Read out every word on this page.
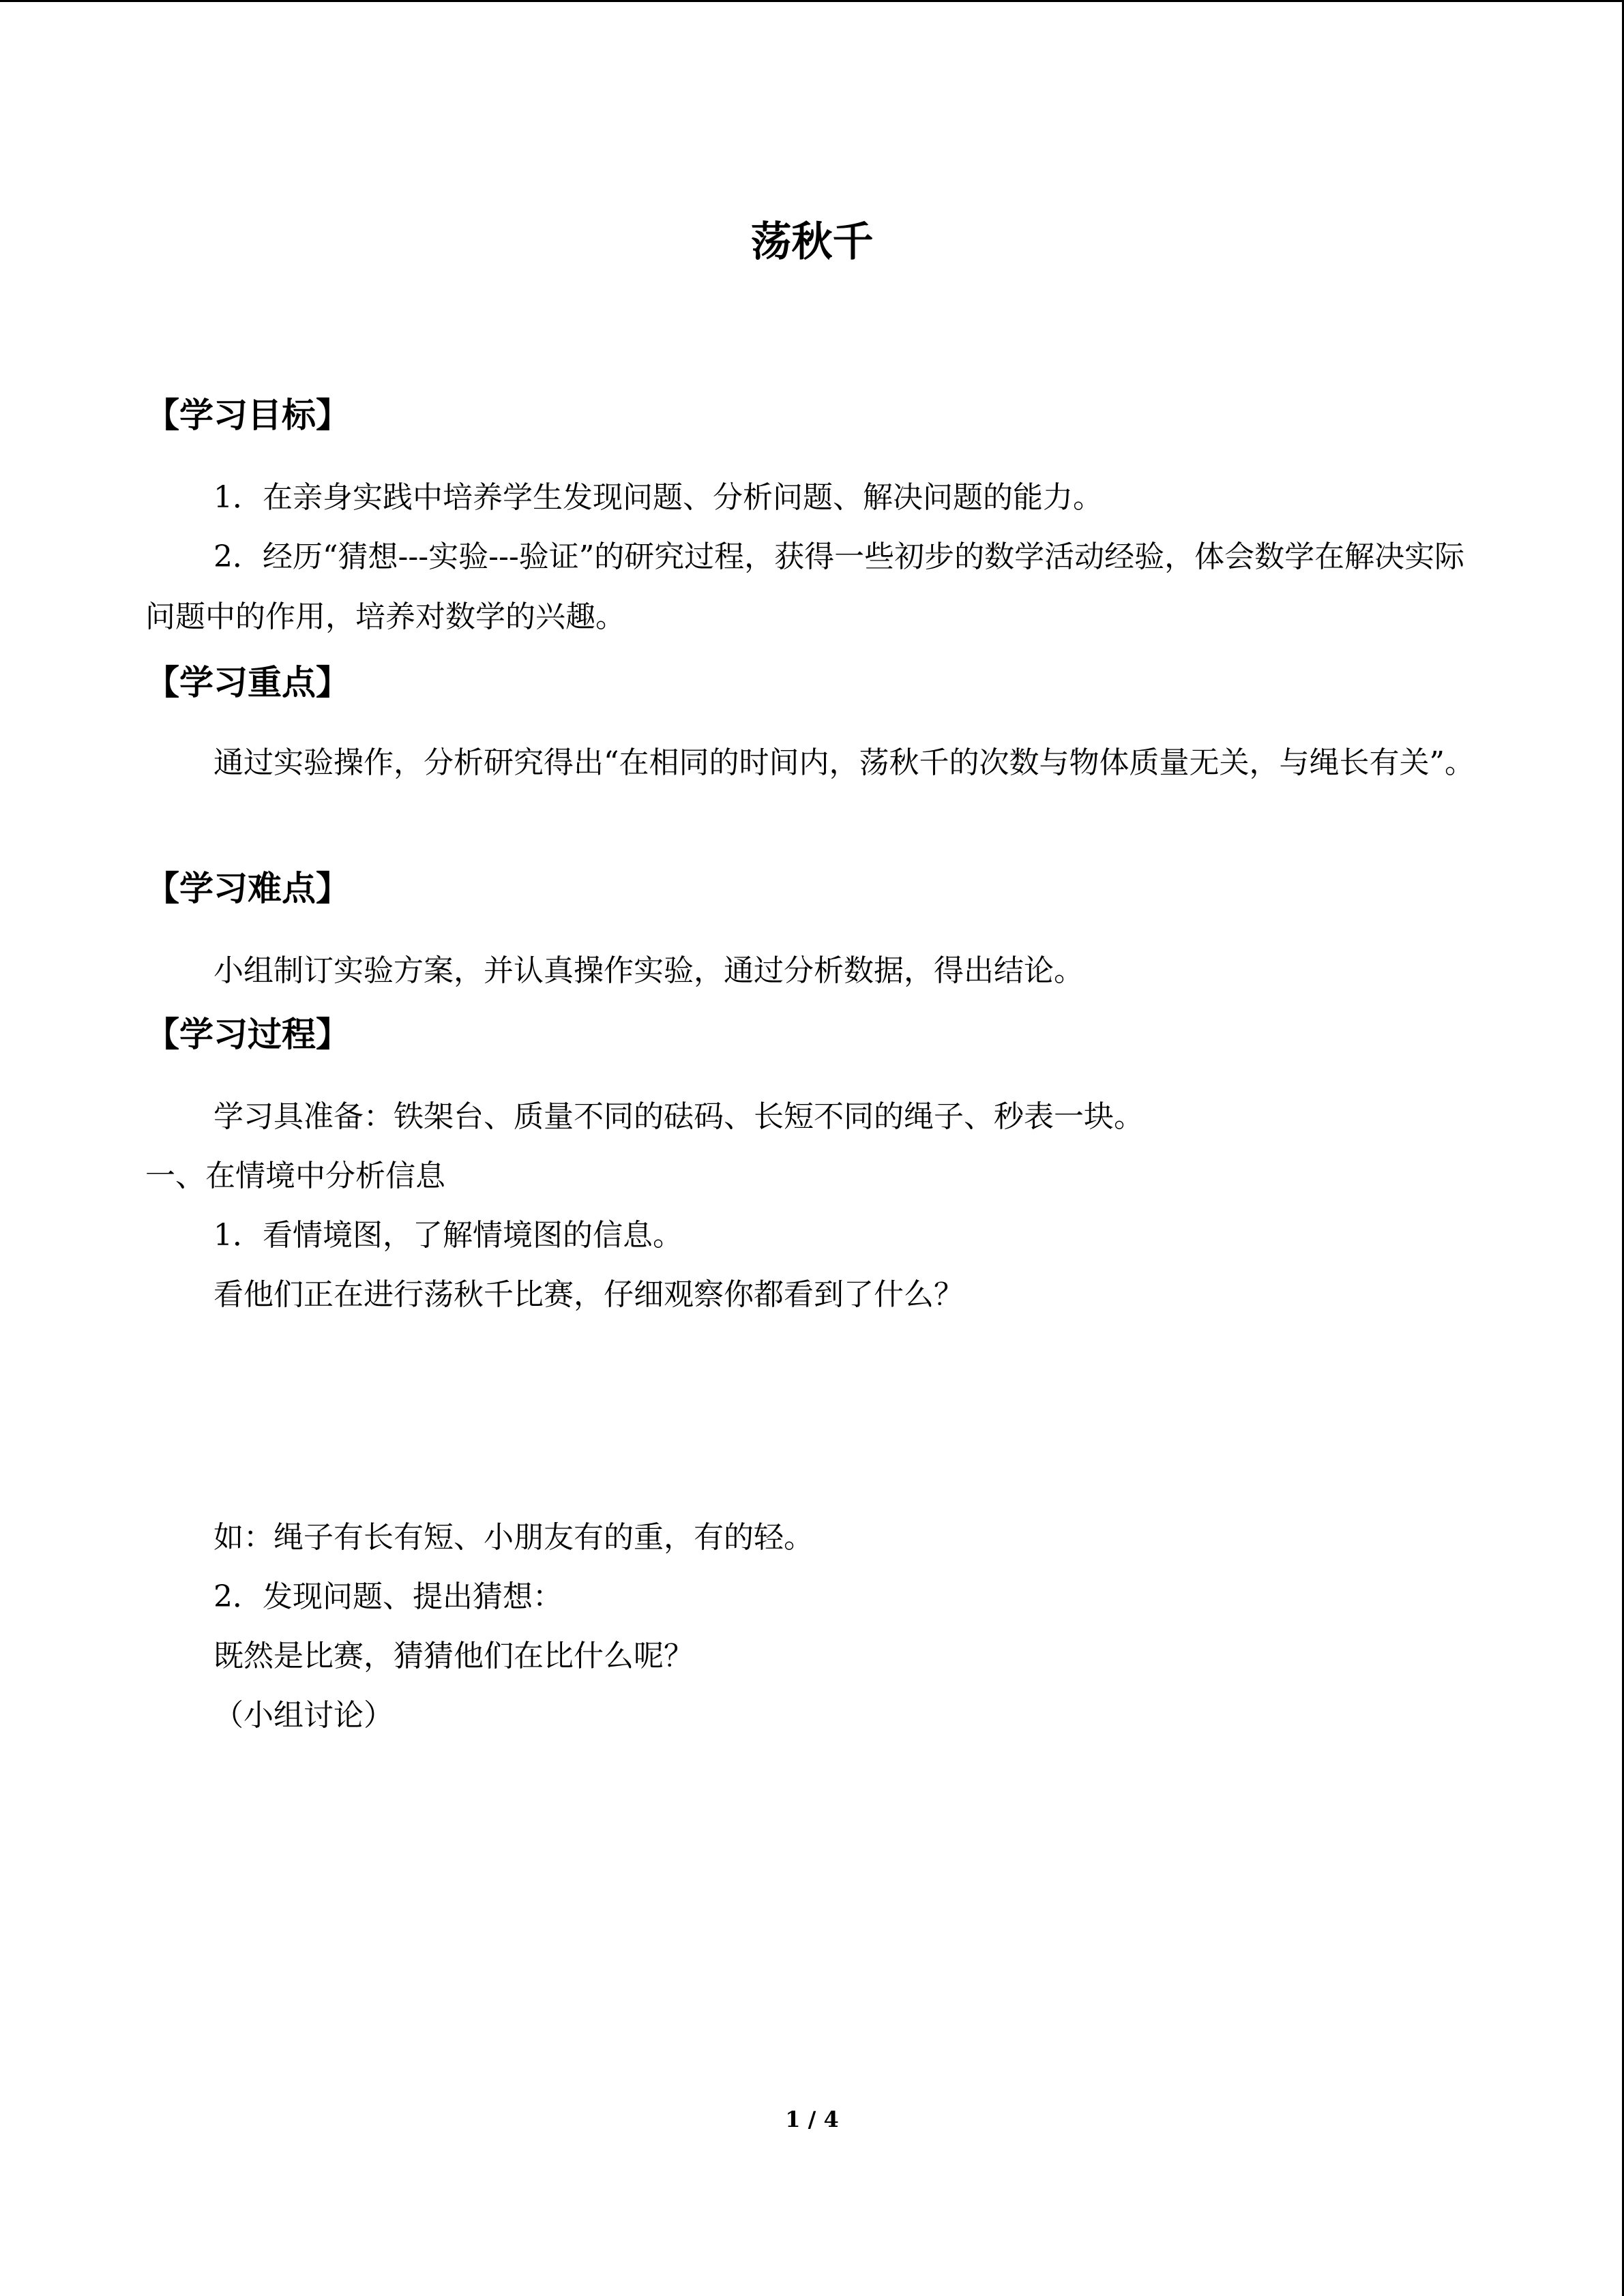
荡秋千
【学习目标】

1．在亲身实践中培养学生发现问题、分析问题、解决问题的能力。

2．经历“猜想---实验---验证”的研究过程，获得一些初步的数学活动经验，体会数学在解决实际问题中的作用，培养对数学的兴趣。

【学习重点】

通过实验操作，分析研究得出“在相同的时间内，荡秋千的次数与物体质量无关，与绳长有关”。

【学习难点】

小组制订实验方案，并认真操作实验，通过分析数据，得出结论。

【学习过程】

学习具准备：铁架台、质量不同的砝码、长短不同的绳子、秒表一块。

一、在情境中分析信息

1．看情境图，了解情境图的信息。

看他们正在进行荡秋千比赛，仔细观察你都看到了什么？

如：绳子有长有短、小朋友有的重，有的轻。

2．发现问题、提出猜想：

既然是比赛，猜猜他们在比什么呢？

（小组讨论）

1 / 4
